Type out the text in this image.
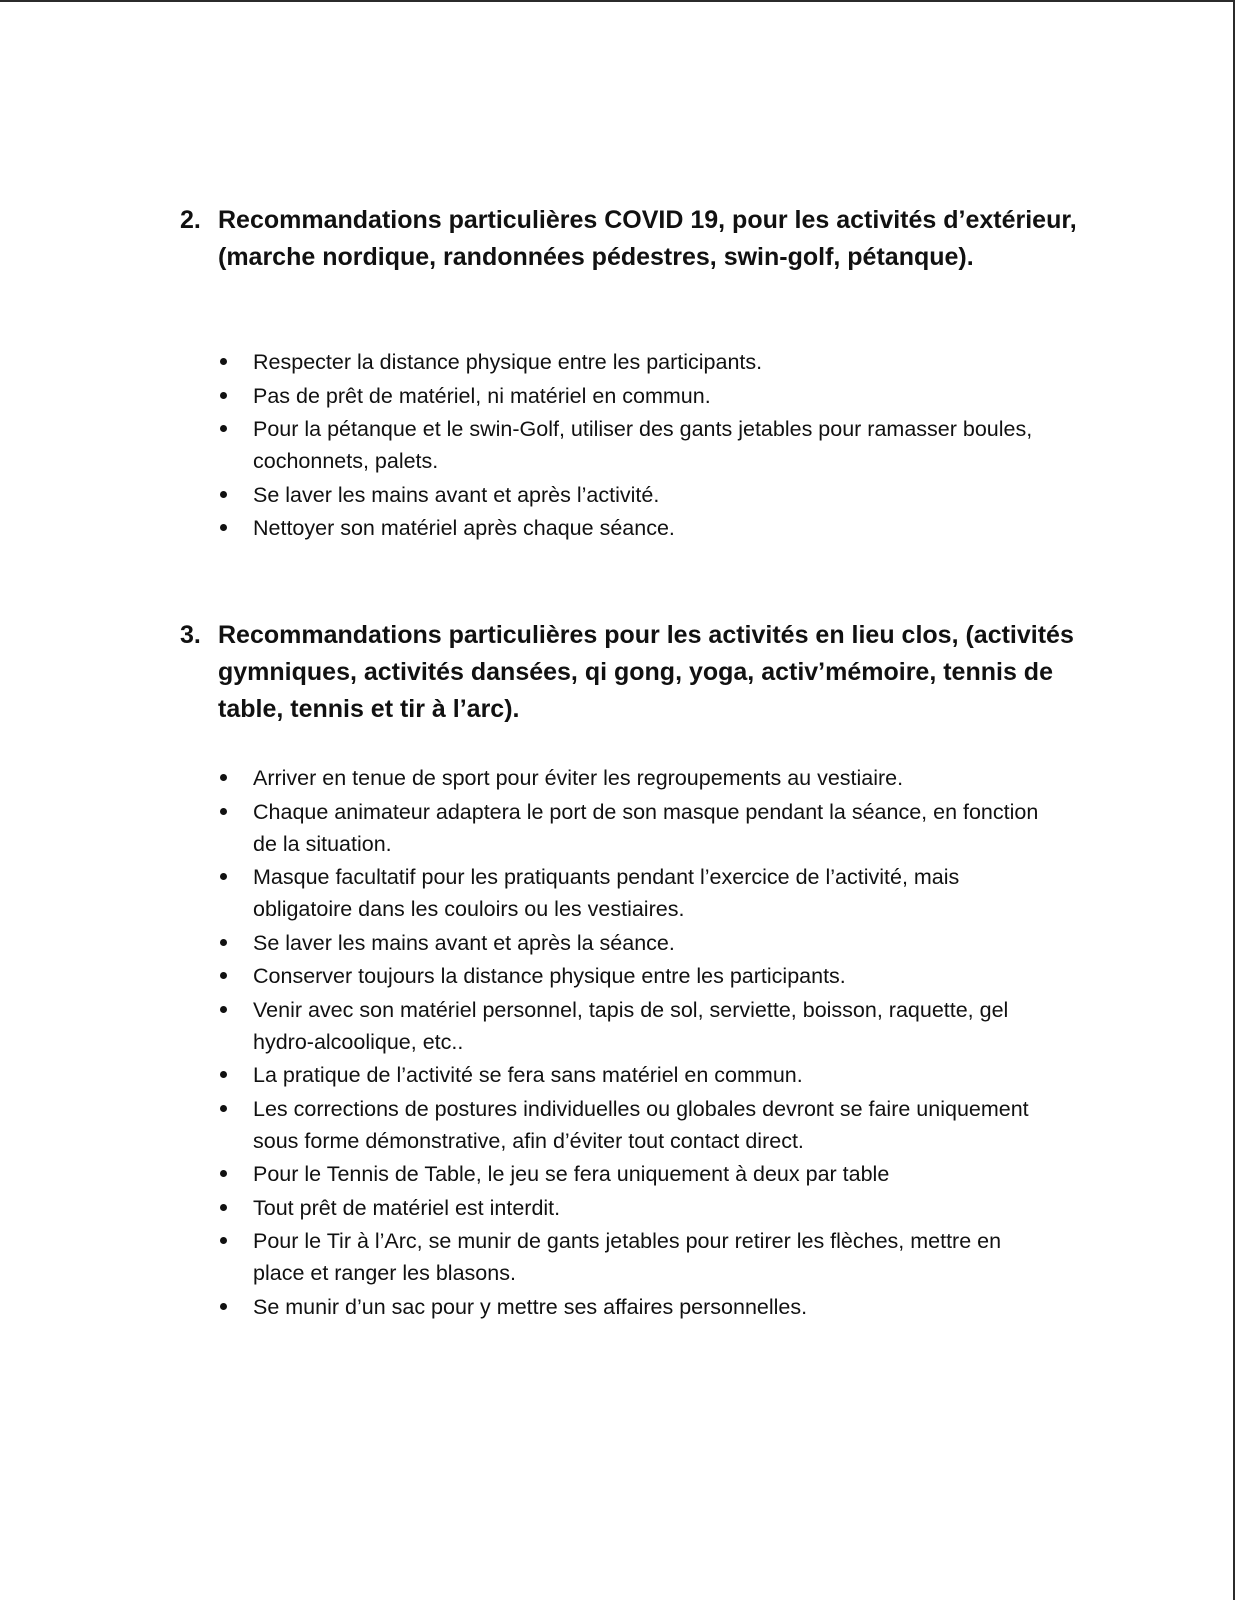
2. Recommandations particulières COVID 19, pour les activités d’extérieur, (marche nordique, randonnées pédestres, swin-golf, pétanque).
Respecter la distance physique entre les participants.
Pas de prêt de matériel, ni matériel en commun.
Pour la pétanque et le swin-Golf, utiliser des gants jetables pour ramasser boules, cochonnets, palets.
Se laver les mains avant et après l’activité.
Nettoyer son matériel après chaque séance.
3. Recommandations particulières pour les activités en lieu clos, (activités gymniques, activités dansées, qi gong, yoga, activ’mémoire, tennis de table, tennis et tir à l’arc).
Arriver en tenue de sport pour éviter les regroupements au vestiaire.
Chaque animateur adaptera le port de son masque pendant la séance, en fonction de la situation.
Masque facultatif pour les pratiquants pendant l’exercice de l’activité, mais obligatoire dans les couloirs ou les vestiaires.
Se laver les mains avant et après la séance.
Conserver toujours la distance physique entre les participants.
Venir avec son matériel personnel, tapis de sol, serviette, boisson, raquette, gel hydro-alcoolique, etc..
La pratique de l’activité se fera sans matériel en commun.
Les corrections de postures individuelles ou globales devront se faire uniquement sous forme démonstrative, afin d’éviter tout contact direct.
Pour le Tennis de Table, le jeu se fera uniquement à deux par table
Tout prêt de matériel est interdit.
Pour le Tir à l’Arc, se munir de gants jetables pour retirer les flèches, mettre en place et ranger les blasons.
Se munir d’un sac pour y mettre ses affaires personnelles.
